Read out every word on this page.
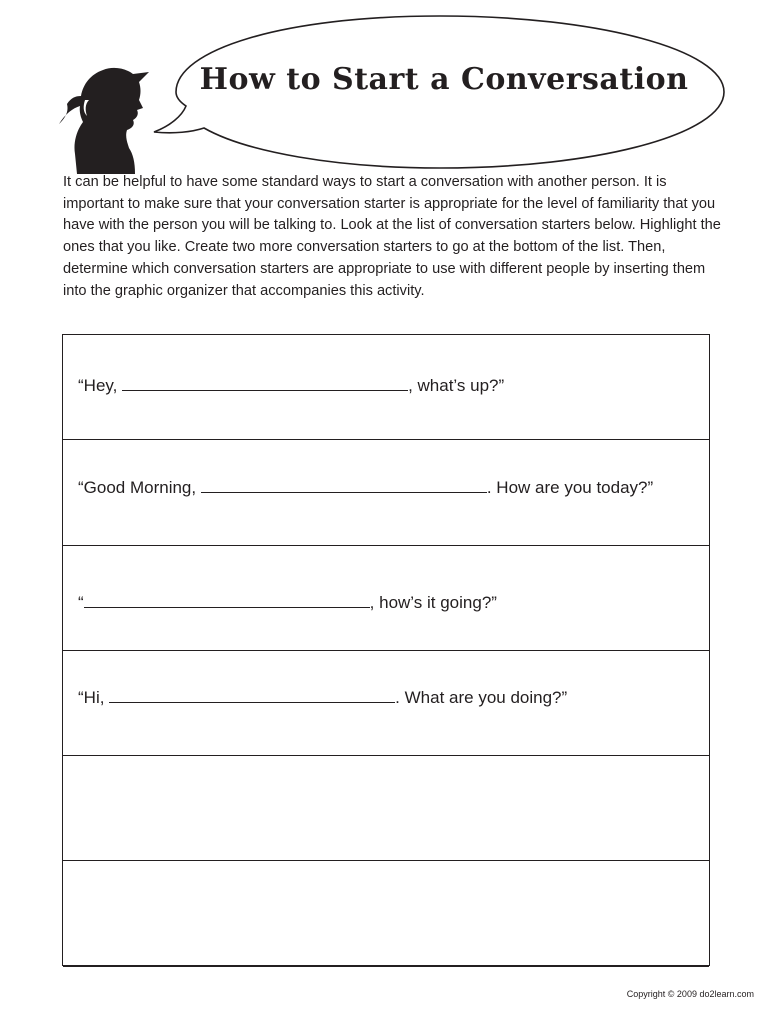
How to Start a Conversation

It can be helpful to have some standard ways to start a conversation with another person. It is important to make sure that your conversation starter is appropriate for the level of familiarity that you have with the person you will be talking to. Look at the list of conversation starters below. Highlight the ones that you like. Create two more conversation starters to go at the bottom of the list. Then, determine which conversation starters are appropriate to use with different people by inserting them into the graphic organizer that accompanies this activity.

“Hey,	, what’s up?”
“Good Morning,	. How are you today?”
“	, how’s it going?”
“Hi,	. What are you doing?”
Copyright © 2009 do2learn.com
